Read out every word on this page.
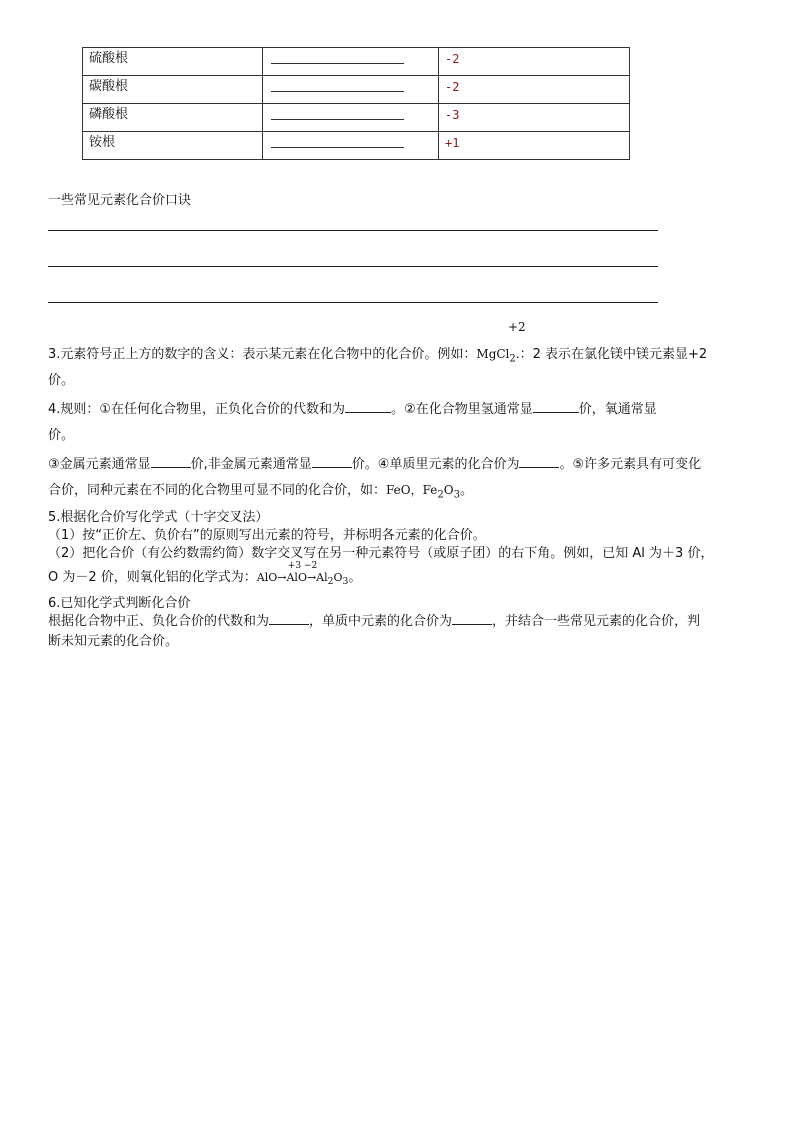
硫酸根		-2
碳酸根		-2
磷酸根		-3
铵根		+1
一些常见元素化合价口诀
+2
3.元素符号正上方的数字的含义：表示某元素在化合物中的化合价。例如：MgCl$_2$.：2 表示在氯化镁中镁元素显+2
价。
4.规则：①在任何化合物里，正负化合价的代数和为	。②在化合物里氢通常显	价，氧通常显
价。
③金属元素通常显	价,非金属元素通常显	价。④单质里元素的化合价为	。⑤许多元素具有可变化
合价，同种元素在不同的化合物里可显不同的化合价，如：FeO，$Fe_2O_3$。
5.根据化合价写化学式（十字交叉法）
（1）按“正价左、负价右”的原则写出元素的符号，并标明各元素的化合价。
（2）把化合价（有公约数需约简）数字交叉写在另一种元素符号（或原子团）的右下角。例如，已知 Al 为＋3 价，
O 为－2 价，则氧化铝的化学式为：
+3 −2
$AlO\to AlO\to Al_2O_3$。
6.已知化学式判断化合价
根据化合物中正、负化合价的代数和为	，单质中元素的化合价为	，并结合一些常见元素的化合价，判
断未知元素的化合价。
